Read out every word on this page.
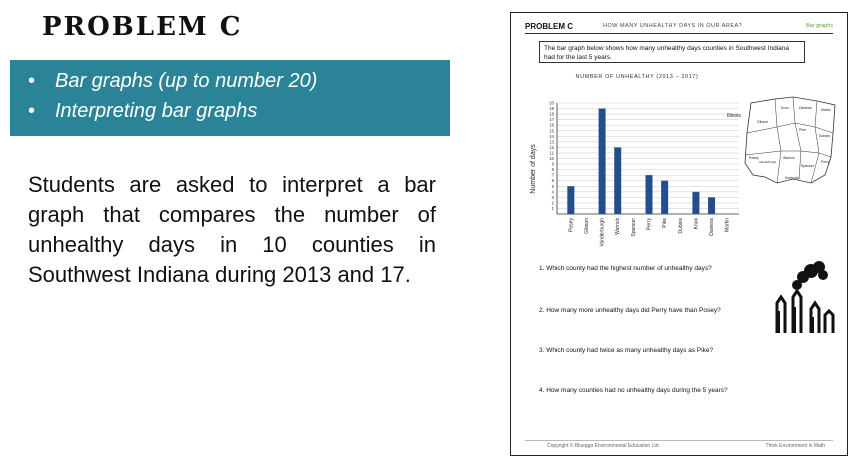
PROBLEM C
• Bar graphs (up to number 20)
• Interpreting bar graphs
Students are asked to interpret a bar graph that compares the number of unhealthy days in 10 counties in Southwest Indiana during 2013 and 17.
PROBLEM C	HOW MANY UNHEALTHY DAYS IN OUR AREA?	Bar graphs
The bar graph below shows how many unhealthy days counties in Southwest Indiana had for the last 5 years.
NUMBER OF UNHEALTHY (2013 – 2017)
Number of days
1
2
3
4
5
6
7
8
9
10
11
12
13
14
15
16
17
18
19
20
Posey Gibson Vanderburgh Warrick Spencer Perry Pike Dubois Knox Daviess Martin
Illinois
Knox	Daviess	Martin
Gibson
Pike
Dubois
Posey
Vanderburgh
Warrick
Perry
Spencer
Kentucky
1. Which county had the highest number of unhealthy days?
2. How many more unhealthy days did Perry have than Posey?
3. Which county had twice as many unhealthy days as Pike?
4. How many counties had no unhealthy days during the 5 years?
Copyright © Bluegga Environmental Education Ltd.	Think Environment in Math
